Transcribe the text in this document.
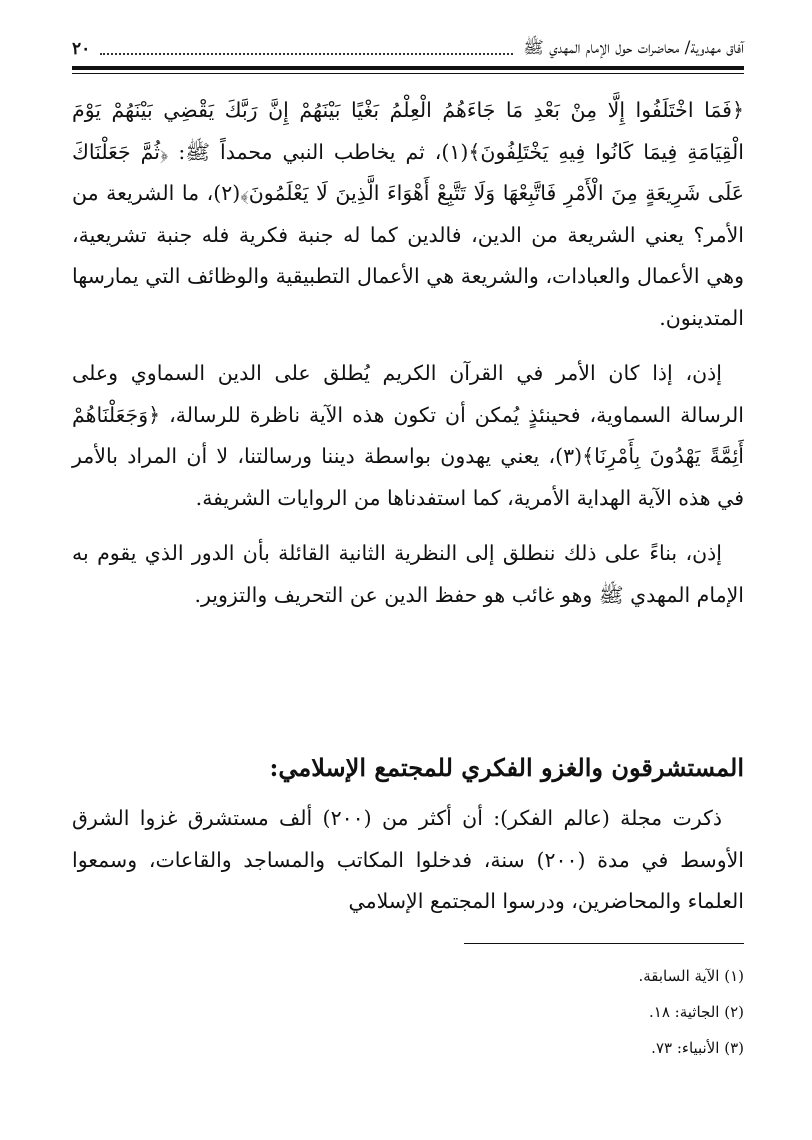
آفاق مهدوية/ محاضرات حول الإمام المهدي ﷺ
٢٠

﴿فَمَا اخْتَلَفُوا إِلَّا مِنْ بَعْدِ مَا جَاءَهُمُ الْعِلْمُ بَغْيًا بَيْنَهُمْ إِنَّ رَبَّكَ يَقْضِي بَيْنَهُمْ يَوْمَ الْقِيَامَةِ فِيمَا كَانُوا فِيهِ يَخْتَلِفُونَ﴾(١)، ثم يخاطب النبي محمداً ﷺ: ﴿ثُمَّ جَعَلْنَاكَ عَلَى شَرِيعَةٍ مِنَ الْأَمْرِ فَاتَّبِعْهَا وَلَا تَتَّبِعْ أَهْوَاءَ الَّذِينَ لَا يَعْلَمُونَ﴾(٢)، ما الشريعة من الأمر؟ يعني الشريعة من الدين، فالدين كما له جنبة فكرية فله جنبة تشريعية، وهي الأعمال والعبادات، والشريعة هي الأعمال التطبيقية والوظائف التي يمارسها المتدينون.

إذن، إذا كان الأمر في القرآن الكريم يُطلق على الدين السماوي وعلى الرسالة السماوية، فحينئذٍ يُمكن أن تكون هذه الآية ناظرة للرسالة، ﴿وَجَعَلْنَاهُمْ أَئِمَّةً يَهْدُونَ بِأَمْرِنَا﴾(٣)، يعني يهدون بواسطة ديننا ورسالتنا، لا أن المراد بالأمر في هذه الآية الهداية الأمرية، كما استفدناها من الروايات الشريفة.

إذن، بناءً على ذلك ننطلق إلى النظرية الثانية القائلة بأن الدور الذي يقوم به الإمام المهدي ﷺ وهو غائب هو حفظ الدين عن التحريف والتزوير.

المستشرقون والغزو الفكري للمجتمع الإسلامي:

ذكرت مجلة (عالم الفكر): أن أكثر من (٢٠٠) ألف مستشرق غزوا الشرق الأوسط في مدة (٢٠٠) سنة، فدخلوا المكاتب والمساجد والقاعات، وسمعوا العلماء والمحاضرين، ودرسوا المجتمع الإسلامي

(١) الآية السابقة.
(٢) الجاثية: ١٨.
(٣) الأنبياء: ٧٣.
